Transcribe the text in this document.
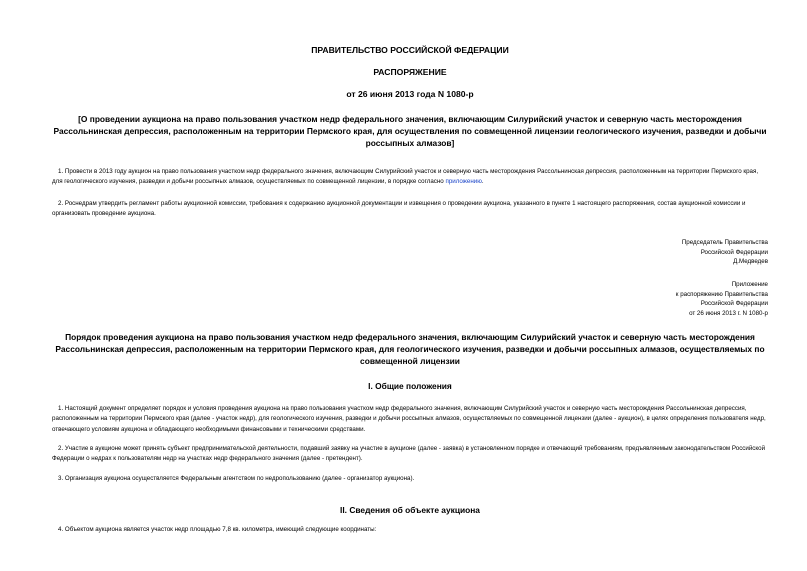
ПРАВИТЕЛЬСТВО РОССИЙСКОЙ ФЕДЕРАЦИИ
РАСПОРЯЖЕНИЕ
от 26 июня 2013 года N 1080-р
[О проведении аукциона на право пользования участком недр федерального значения, включающим Силурийский участок и северную часть месторождения Рассольнинская депрессия, расположенным на территории Пермского края, для осуществления по совмещенной лицензии геологического изучения, разведки и добычи россыпных алмазов]
1. Провести в 2013 году аукцион на право пользования участком недр федерального значения, включающим Силурийский участок и северную часть месторождения Рассольнинская депрессия, расположенным на территории Пермского края, для геологического изучения, разведки и добычи россыпных алмазов, осуществляемых по совмещенной лицензии, в порядке согласно приложению.
2. Роснедрам утвердить регламент работы аукционной комиссии, требования к содержанию аукционной документации и извещения о проведении аукциона, указанного в пункте 1 настоящего распоряжения, состав аукционной комиссии и организовать проведение аукциона.
Председатель Правительства
Российской Федерации
Д.Медведев
Приложение
к распоряжению Правительства
Российской Федерации
от 26 июня 2013 г. N 1080-р
Порядок проведения аукциона на право пользования участком недр федерального значения, включающим Силурийский участок и северную часть месторождения Рассольнинская депрессия, расположенным на территории Пермского края, для геологического изучения, разведки и добычи россыпных алмазов, осуществляемых по совмещенной лицензии
I. Общие положения
1. Настоящий документ определяет порядок и условия проведения аукциона на право пользования участком недр федерального значения, включающим Силурийский участок и северную часть месторождения Рассольнинская депрессия, расположенным на территории Пермского края (далее - участок недр), для геологического изучения, разведки и добычи россыпных алмазов, осуществляемых по совмещенной лицензии (далее - аукцион), в целях определения пользователя недр, отвечающего условиям аукциона и обладающего необходимыми финансовыми и техническими средствами.
2. Участие в аукционе может принять субъект предпринимательской деятельности, подавший заявку на участие в аукционе (далее - заявка) в установленном порядке и отвечающий требованиям, предъявляемым законодательством Российской Федерации о недрах к пользователям недр на участках недр федерального значения (далее - претендент).
3. Организация аукциона осуществляется Федеральным агентством по недропользованию (далее - организатор аукциона).
II. Сведения об объекте аукциона
4. Объектом аукциона является участок недр площадью 7,8 кв. километра, имеющий следующие координаты:
